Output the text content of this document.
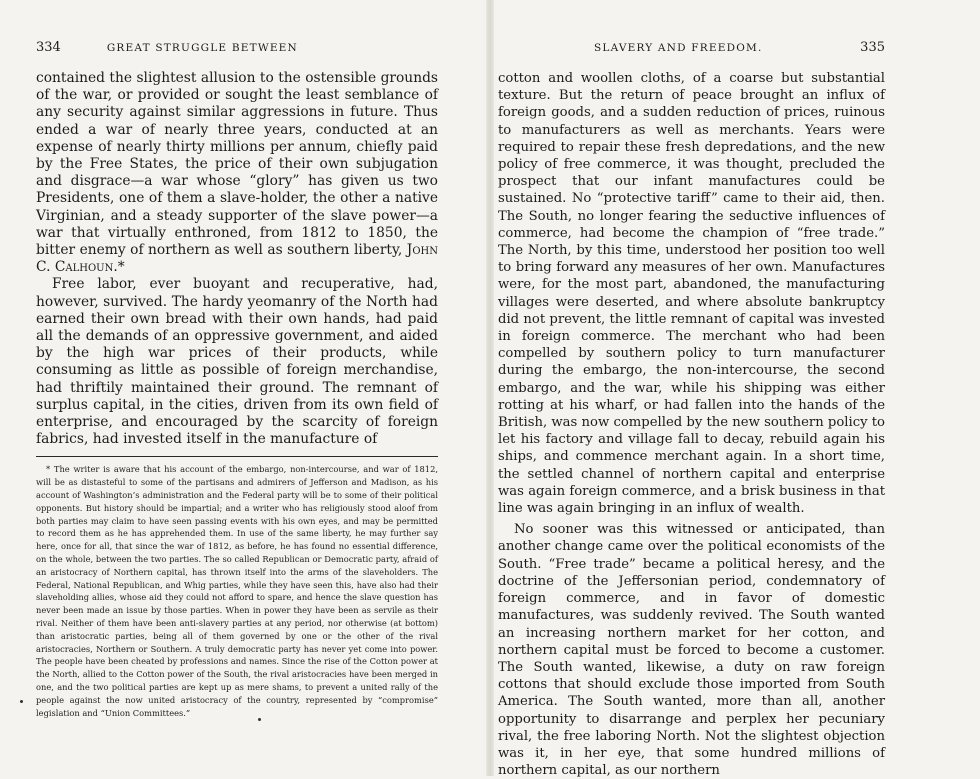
334	GREAT STRUGGLE BETWEEN

contained the slightest allusion to the ostensible grounds of the war, or provided or sought the least semblance of any security against similar aggressions in future. Thus ended a war of nearly three years, conducted at an expense of nearly thirty millions per annum, chiefly paid by the Free States, the price of their own subjugation and disgrace—a war whose “glory” has given us two Presidents, one of them a slave-holder, the other a native Virginian, and a steady supporter of the slave power—a war that virtually enthroned, from 1812 to 1850, the bitter enemy of northern as well as southern liberty, John C. Calhoun.*

Free labor, ever buoyant and recuperative, had, however, survived. The hardy yeomanry of the North had earned their own bread with their own hands, had paid all the demands of an oppressive government, and aided by the high war prices of their products, while consuming as little as possible of foreign merchandise, had thriftily maintained their ground. The remnant of surplus capital, in the cities, driven from its own field of enterprise, and encouraged by the scarcity of foreign fabrics, had invested itself in the manufacture of

* The writer is aware that his account of the embargo, non-intercourse, and war of 1812, will be as distasteful to some of the partisans and admirers of Jefferson and Madison, as his account of Washington’s administration and the Federal party will be to some of their political opponents. But history should be impartial; and a writer who has religiously stood aloof from both parties may claim to have seen passing events with his own eyes, and may be permitted to record them as he has apprehended them. In use of the same liberty, he may further say here, once for all, that since the war of 1812, as before, he has found no essential difference, on the whole, between the two parties. The so called Republican or Democratic party, afraid of an aristocracy of Northern capital, has thrown itself into the arms of the slaveholders. The Federal, National Republican, and Whig parties, while they have seen this, have also had their slaveholding allies, whose aid they could not afford to spare, and hence the slave question has never been made an issue by those parties. When in power they have been as servile as their rival. Neither of them have been anti-slavery parties at any period, nor otherwise (at bottom) than aristocratic parties, being all of them governed by one or the other of the rival aristocracies, Northern or Southern. A truly democratic party has never yet come into power. The people have been cheated by professions and names. Since the rise of the Cotton power at the North, allied to the Cotton power of the South, the rival aristocracies have been merged in one, and the two political parties are kept up as mere shams, to prevent a united rally of the people against the now united aristocracy of the country, represented by “compromise” legislation and “Union Committees.”

SLAVERY AND FREEDOM.	335

cotton and woollen cloths, of a coarse but substantial texture. But the return of peace brought an influx of foreign goods, and a sudden reduction of prices, ruinous to manufacturers as well as merchants. Years were required to repair these fresh depredations, and the new policy of free commerce, it was thought, precluded the prospect that our infant manufactures could be sustained. No “protective tariff” came to their aid, then. The South, no longer fearing the seductive influences of commerce, had become the champion of “free trade.” The North, by this time, understood her position too well to bring forward any measures of her own. Manufactures were, for the most part, abandoned, the manufacturing villages were deserted, and where absolute bankruptcy did not prevent, the little remnant of capital was invested in foreign commerce. The merchant who had been compelled by southern policy to turn manufacturer during the embargo, the non-intercourse, the second embargo, and the war, while his shipping was either rotting at his wharf, or had fallen into the hands of the British, was now compelled by the new southern policy to let his factory and village fall to decay, rebuild again his ships, and commence merchant again. In a short time, the settled channel of northern capital and enterprise was again foreign commerce, and a brisk business in that line was again bringing in an influx of wealth.

No sooner was this witnessed or anticipated, than another change came over the political economists of the South. “Free trade” became a political heresy, and the doctrine of the Jeffersonian period, condemnatory of foreign commerce, and in favor of domestic manufactures, was suddenly revived. The South wanted an increasing northern market for her cotton, and northern capital must be forced to become a customer. The South wanted, likewise, a duty on raw foreign cottons that should exclude those imported from South America. The South wanted, more than all, another opportunity to disarrange and perplex her pecuniary rival, the free laboring North. Not the slightest objection was it, in her eye, that some hundred millions of northern capital, as our northern
